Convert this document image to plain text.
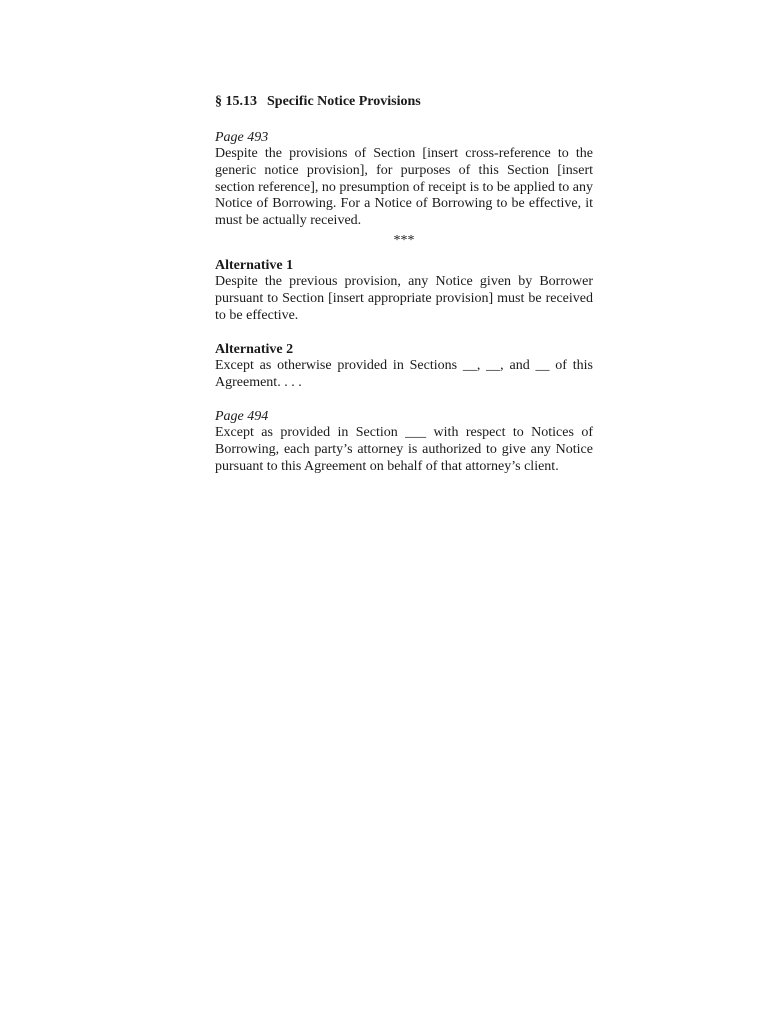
§ 15.13 Specific Notice Provisions

Page 493

Despite the provisions of Section [insert cross-reference to the generic notice provision], for purposes of this Section [insert section reference], no presumption of receipt is to be applied to any Notice of Borrowing. For a Notice of Borrowing to be effective, it must be actually received.

***

Alternative 1

Despite the previous provision, any Notice given by Borrower pursuant to Section [insert appropriate provision] must be received to be effective.

Alternative 2

Except as otherwise provided in Sections __, __, and __ of this Agreement. . . .

Page 494

Except as provided in Section ___ with respect to Notices of Borrowing, each party’s attorney is authorized to give any Notice pursuant to this Agreement on behalf of that attorney’s client.
